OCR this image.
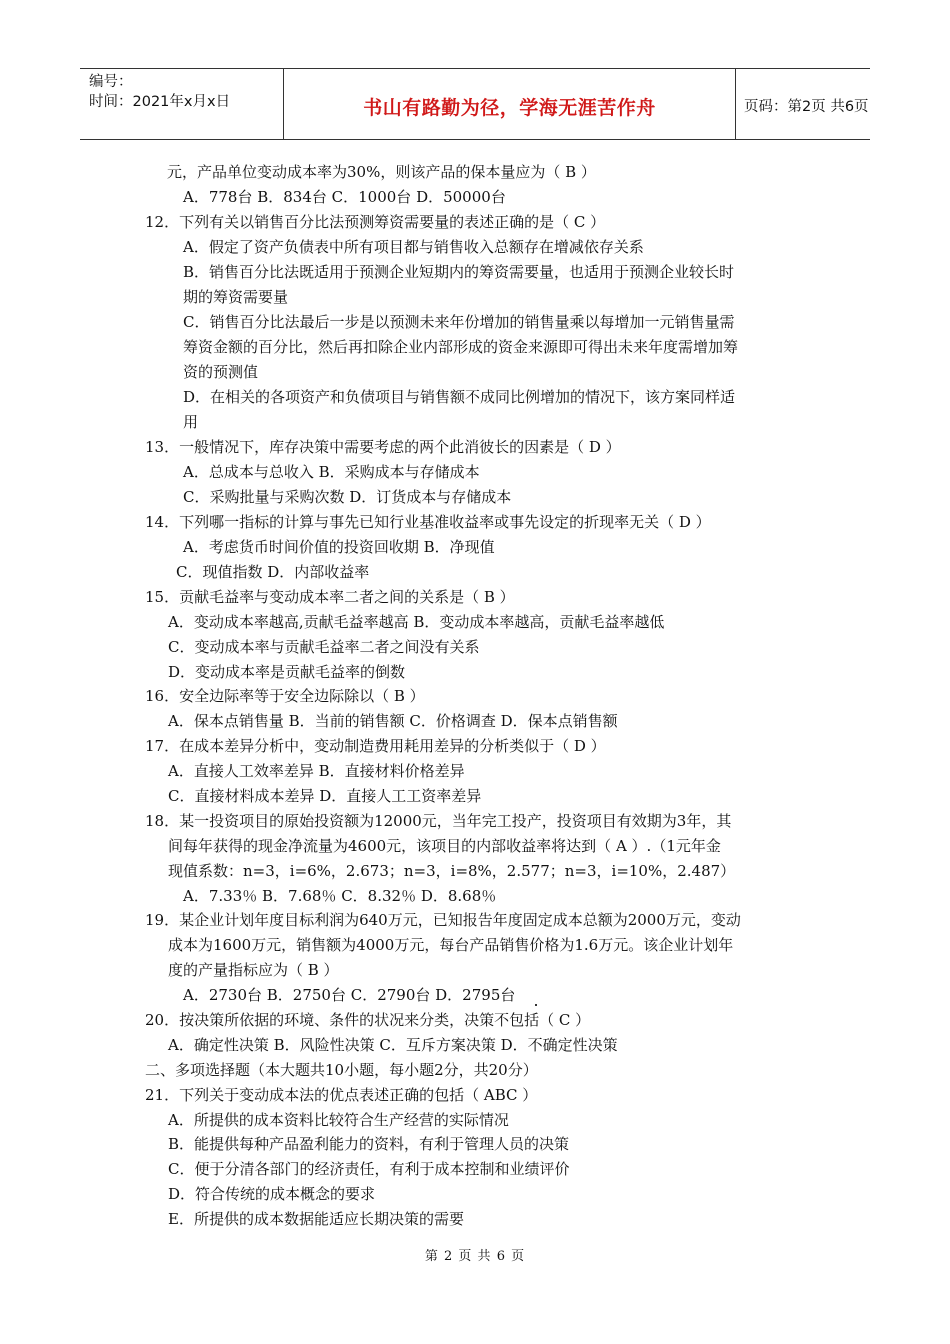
编号：
时间：2021年x月x日	书山有路勤为径，学海无涯苦作舟	页码：第2页 共6页
元，产品单位变动成本率为30%，则该产品的保本量应为（ B ）
A．778台 B．834台 C．1000台 D．50000台
12．下列有关以销售百分比法预测筹资需要量的表述正确的是（ C ）
A．假定了资产负债表中所有项目都与销售收入总额存在增减依存关系
B．销售百分比法既适用于预测企业短期内的筹资需要量，也适用于预测企业较长时
期的筹资需要量
C．销售百分比法最后一步是以预测未来年份增加的销售量乘以每增加一元销售量需
筹资金额的百分比，然后再扣除企业内部形成的资金来源即可得出未来年度需增加筹
资的预测值
D．在相关的各项资产和负债项目与销售额不成同比例增加的情况下，该方案同样适
用
13．一般情况下，库存决策中需要考虑的两个此消彼长的因素是（ D ）
A．总成本与总收入 B．采购成本与存储成本
C．采购批量与采购次数 D．订货成本与存储成本
14．下列哪一指标的计算与事先已知行业基准收益率或事先设定的折现率无关（ D ）
A．考虑货币时间价值的投资回收期 B．净现值
C．现值指数 D．内部收益率
15．贡献毛益率与变动成本率二者之间的关系是（ B ）
A．变动成本率越高,贡献毛益率越高 B．变动成本率越高，贡献毛益率越低
C．变动成本率与贡献毛益率二者之间没有关系
D．变动成本率是贡献毛益率的倒数
16．安全边际率等于安全边际除以（ B ）
A．保本点销售量 B．当前的销售额 C．价格调查 D．保本点销售额
17．在成本差异分析中，变动制造费用耗用差异的分析类似于（ D ）
A．直接人工效率差异 B．直接材料价格差异
C．直接材料成本差异 D．直接人工工资率差异
18．某一投资项目的原始投资额为12000元，当年完工投产，投资项目有效期为3年，其
间每年获得的现金净流量为4600元，该项目的内部收益率将达到（ A ）.（1元年金
现值系数：n=3，i=6%，2.673；n=3，i=8%，2.577；n=3，i=10%，2.487）
A．7.33％ B．7.68％ C．8.32％ D．8.68％
19．某企业计划年度目标利润为640万元，已知报告年度固定成本总额为2000万元，变动
成本为1600万元，销售额为4000万元，每台产品销售价格为1.6万元。该企业计划年
度的产量指标应为（ B ）
A．2730台 B．2750台 C．2790台 D．2795台
20．按决策所依据的环境、条件的状况来分类，决策不包括（ C ）
A．确定性决策 B．风险性决策 C．互斥方案决策 D．不确定性决策
二、多项选择题（本大题共10小题，每小题2分，共20分）
21．下列关于变动成本法的优点表述正确的包括（ ABC ）
A．所提供的成本资料比较符合生产经营的实际情况
B．能提供每种产品盈利能力的资料，有利于管理人员的决策
C．便于分清各部门的经济责任，有利于成本控制和业绩评价
D．符合传统的成本概念的要求
E．所提供的成本数据能适应长期决策的需要
第 2 页 共 6 页
